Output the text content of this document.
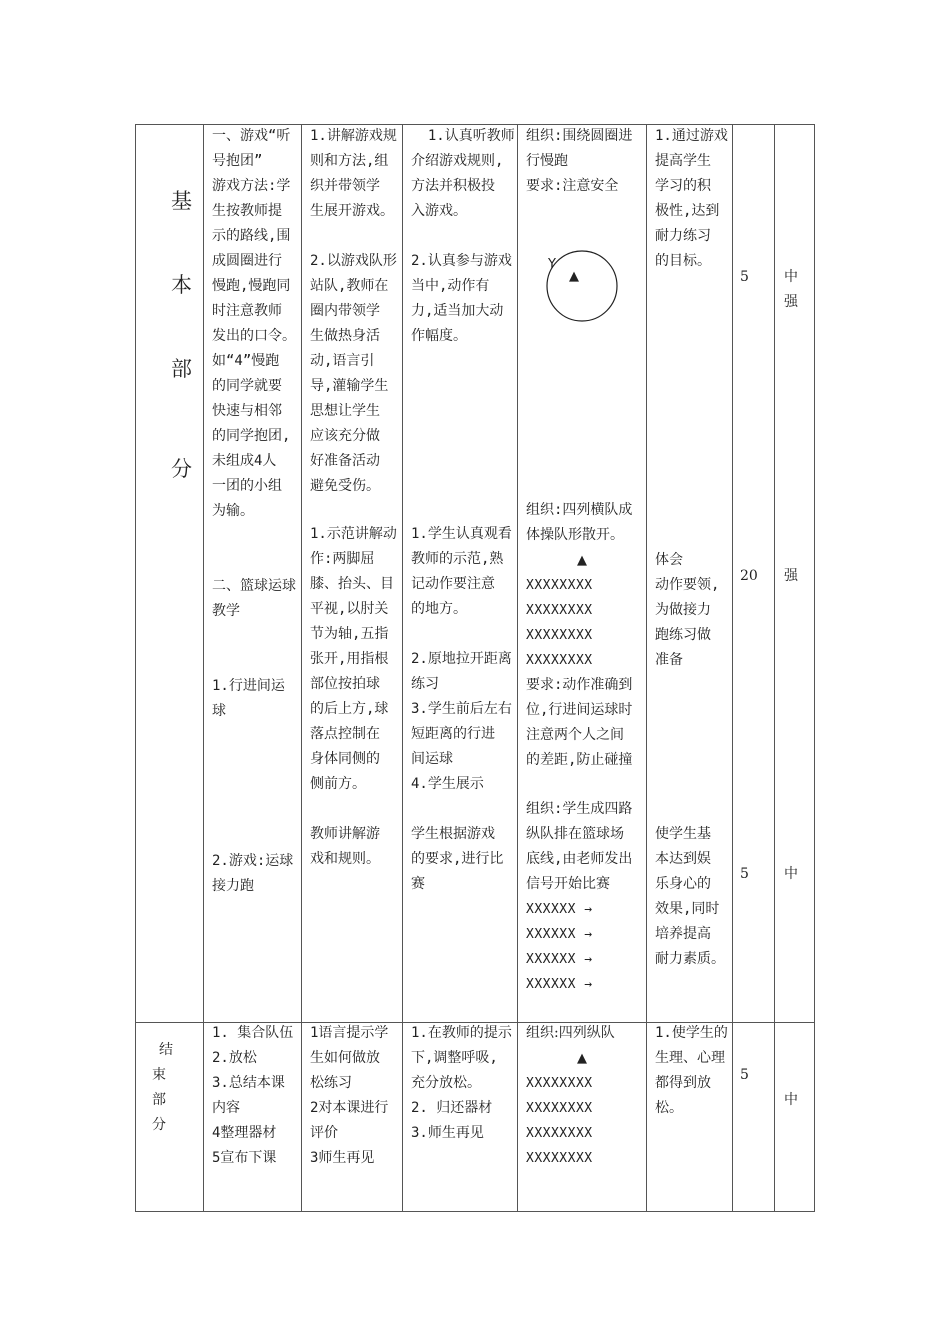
基
本
部
分
一、游戏“听
号抱团”
游戏方法:学
生按教师提
示的路线,围
成圆圈进行
慢跑,慢跑同
时注意教师
发出的口令。
如“4”慢跑
的同学就要
快速与相邻
的同学抱团,
未组成4人
一团的小组
为输。

二、篮球运球
教学

1.行进间运
球

2.游戏:运球
接力跑
1.讲解游戏规
则和方法,组
织并带领学
生展开游戏。

2.以游戏队形
站队,教师在
圈内带领学
生做热身活
动,语言引
导,灌输学生
思想让学生
应该充分做
好准备活动
避免受伤。
1.示范讲解动
作:两脚屈
膝、抬头、目
平视,以肘关
节为轴,五指
张开,用指根
部位按拍球
的后上方,球
落点控制在
身体同侧的
侧前方。
教师讲解游
戏和规则。
1.认真听教师
介绍游戏规则,
方法并积极投
入游戏。

2.认真参与游戏
当中,动作有
力,适当加大动
作幅度。
1.学生认真观看
教师的示范,熟
记动作要注意
的地方。

2.原地拉开距离
练习
3.学生前后左右
短距离的行进
间运球
4.学生展示
学生根据游戏
的要求,进行比
赛
组织:围绕圆圈进
行慢跑
要求:注意安全
Y
▲
组织:四列横队成
体操队形散开。
▲
XXXXXXXX
XXXXXXXX
XXXXXXXX
XXXXXXXX
要求:动作准确到
位,行进间运球时
注意两个人之间
的差距,防止碰撞
组织:学生成四路
纵队排在篮球场
底线,由老师发出
信号开始比赛
XXXXXX →
XXXXXX →
XXXXXX →
XXXXXX →
1.通过游戏
提高学生
学习的积
极性,达到
耐力练习
的目标。
体会
动作要领,
为做接力
跑练习做
准备
使学生基
本达到娱
乐身心的
效果,同时
培养提高
耐力素质。
5
20
5
中
强
强
中
结
束
部
分
1. 集合队伍
2.放松
3.总结本课
内容
4整理器材
5宣布下课
1语言提示学
生如何做放
松练习
2对本课进行
评价
3师生再见
1.在教师的提示
下,调整呼吸,
充分放松。
2. 归还器材
3.师生再见
组织:四列纵队
▲
XXXXXXXX
XXXXXXXX
XXXXXXXX
XXXXXXXX
1.使学生的
生理、心理
都得到放
松。
5
中
